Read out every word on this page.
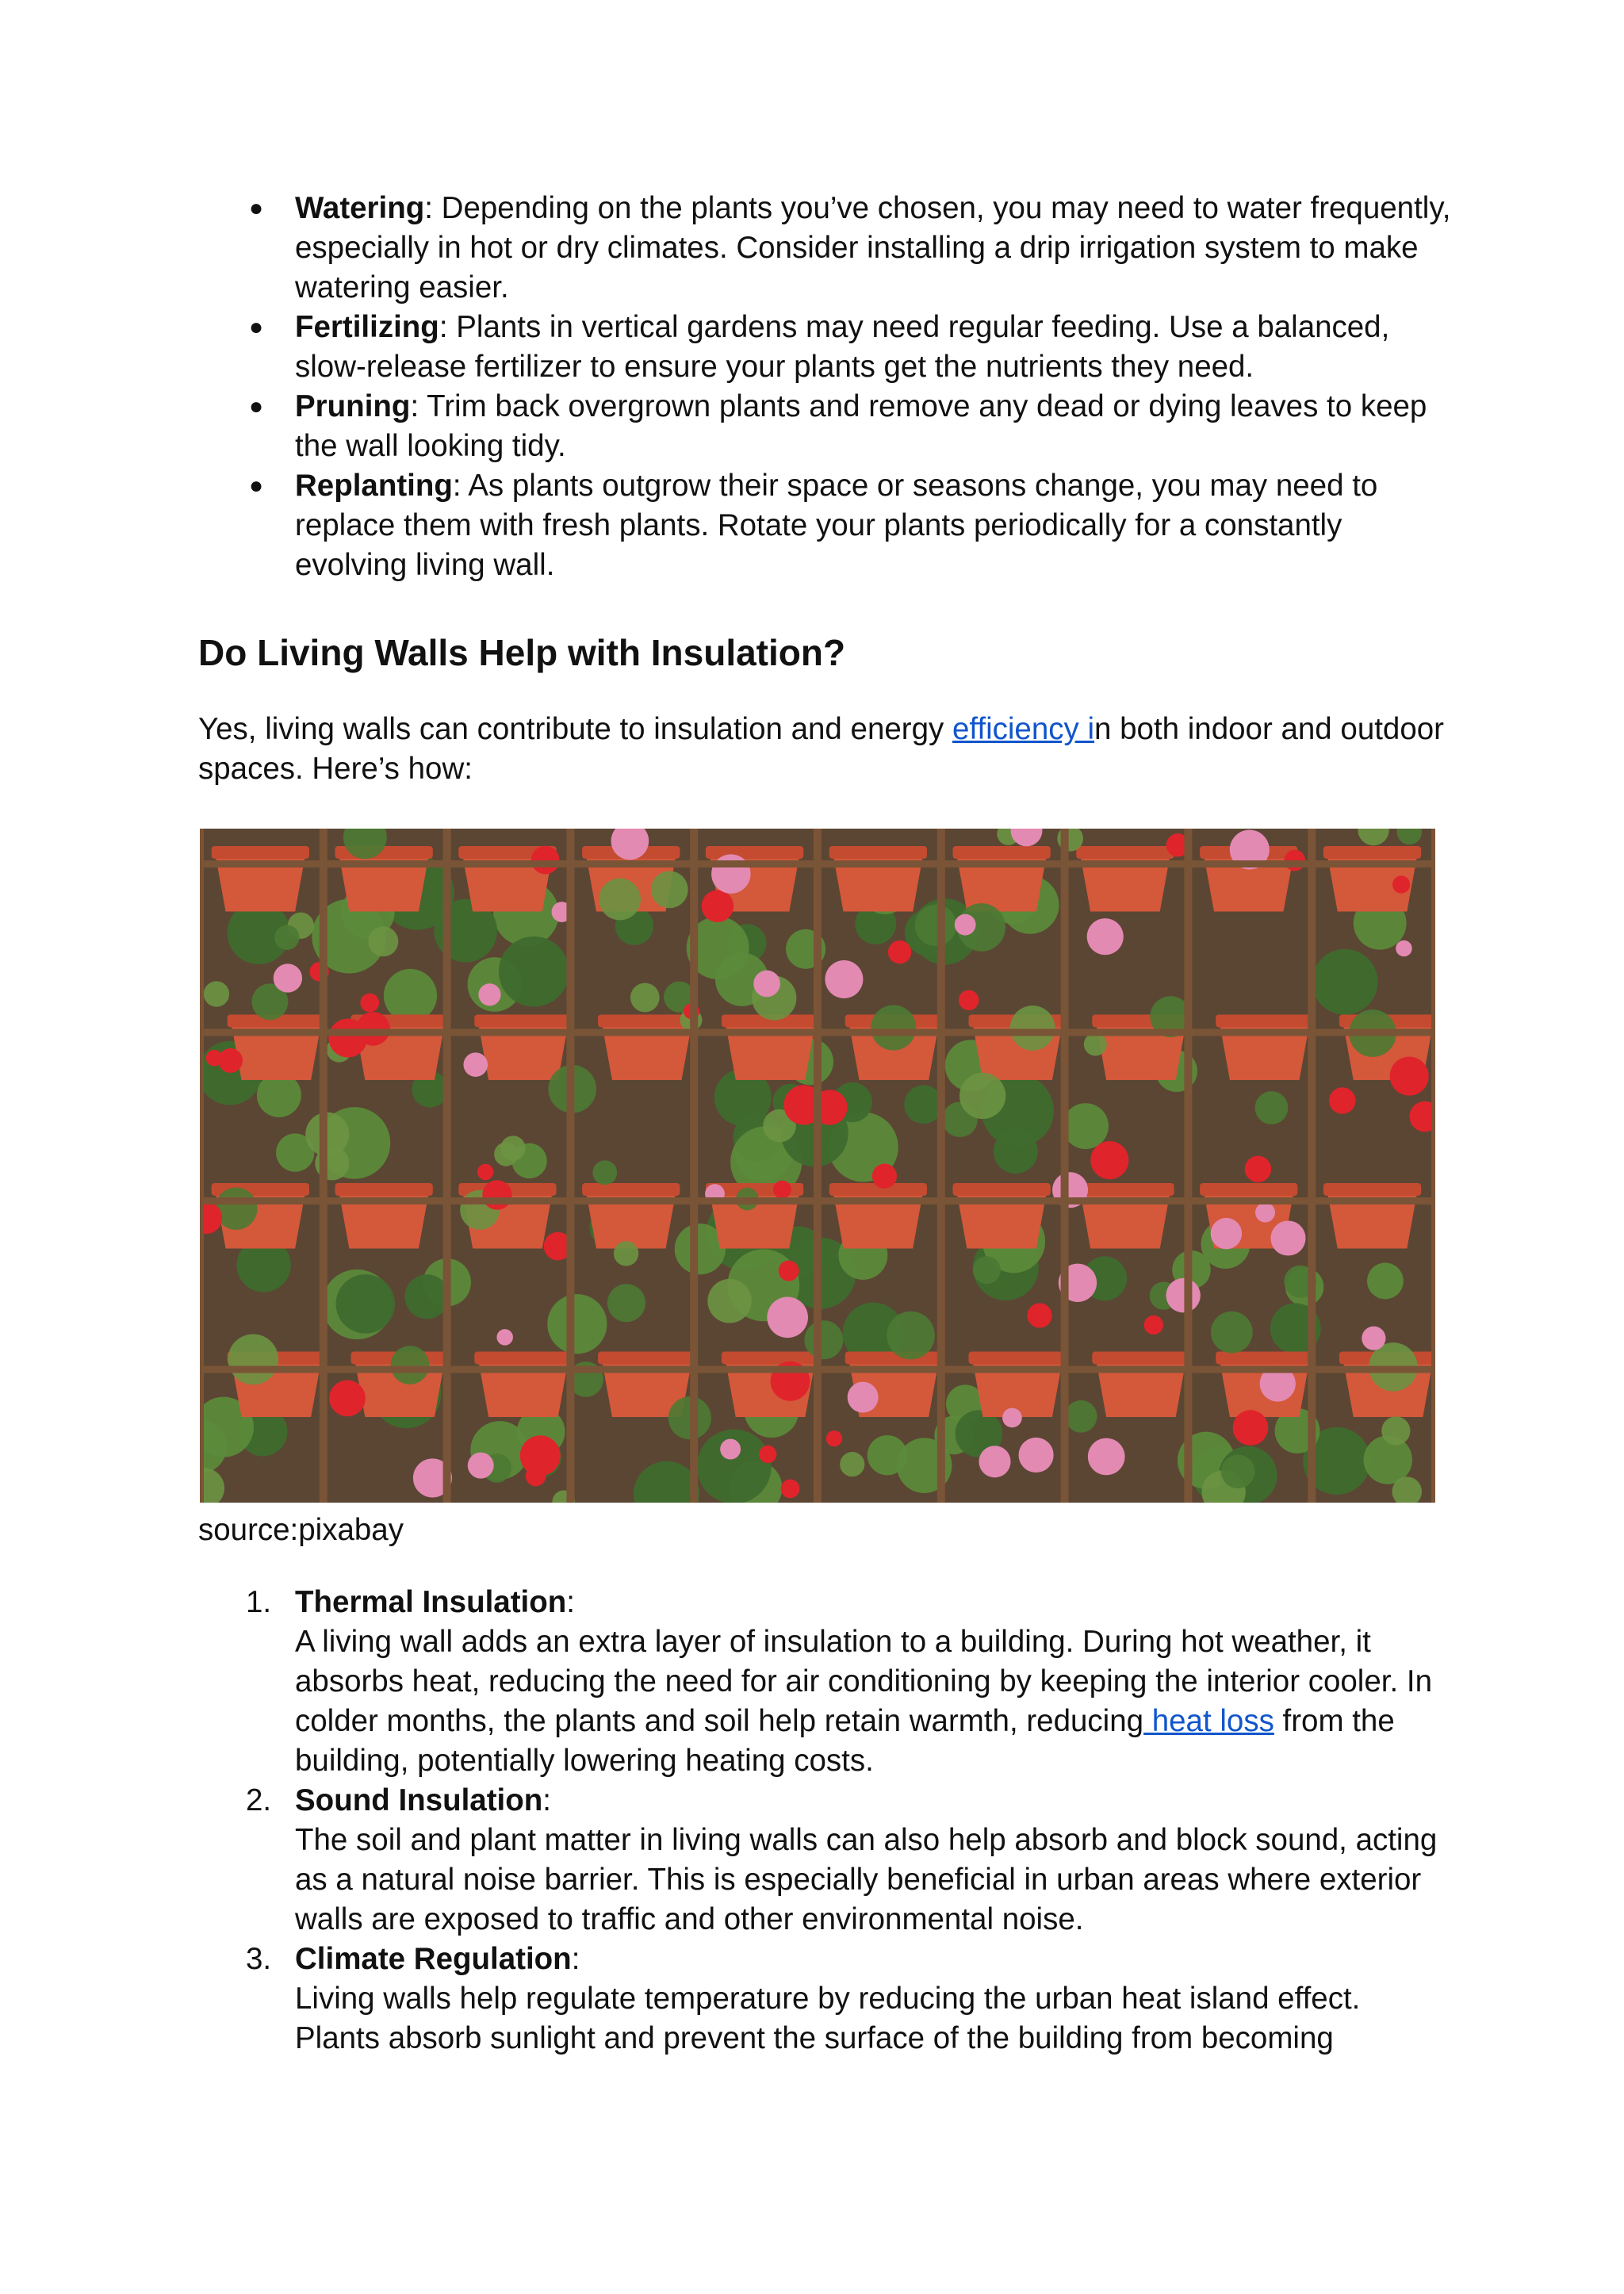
● Watering: Depending on the plants you’ve chosen, you may need to water frequently, especially in hot or dry climates. Consider installing a drip irrigation system to make watering easier.
● Fertilizing: Plants in vertical gardens may need regular feeding. Use a balanced, slow-release fertilizer to ensure your plants get the nutrients they need.
● Pruning: Trim back overgrown plants and remove any dead or dying leaves to keep the wall looking tidy.
● Replanting: As plants outgrow their space or seasons change, you may need to replace them with fresh plants. Rotate your plants periodically for a constantly evolving living wall.
Do Living Walls Help with Insulation?

Yes, living walls can contribute to insulation and energy efficiency in both indoor and outdoor spaces. Here’s how:

source:pixabay

1. Thermal Insulation:
A living wall adds an extra layer of insulation to a building. During hot weather, it absorbs heat, reducing the need for air conditioning by keeping the interior cooler. In colder months, the plants and soil help retain warmth, reducing heat loss from the building, potentially lowering heating costs.
2. Sound Insulation:
The soil and plant matter in living walls can also help absorb and block sound, acting as a natural noise barrier. This is especially beneficial in urban areas where exterior walls are exposed to traffic and other environmental noise.
3. Climate Regulation:
Living walls help regulate temperature by reducing the urban heat island effect. Plants absorb sunlight and prevent the surface of the building from becoming
